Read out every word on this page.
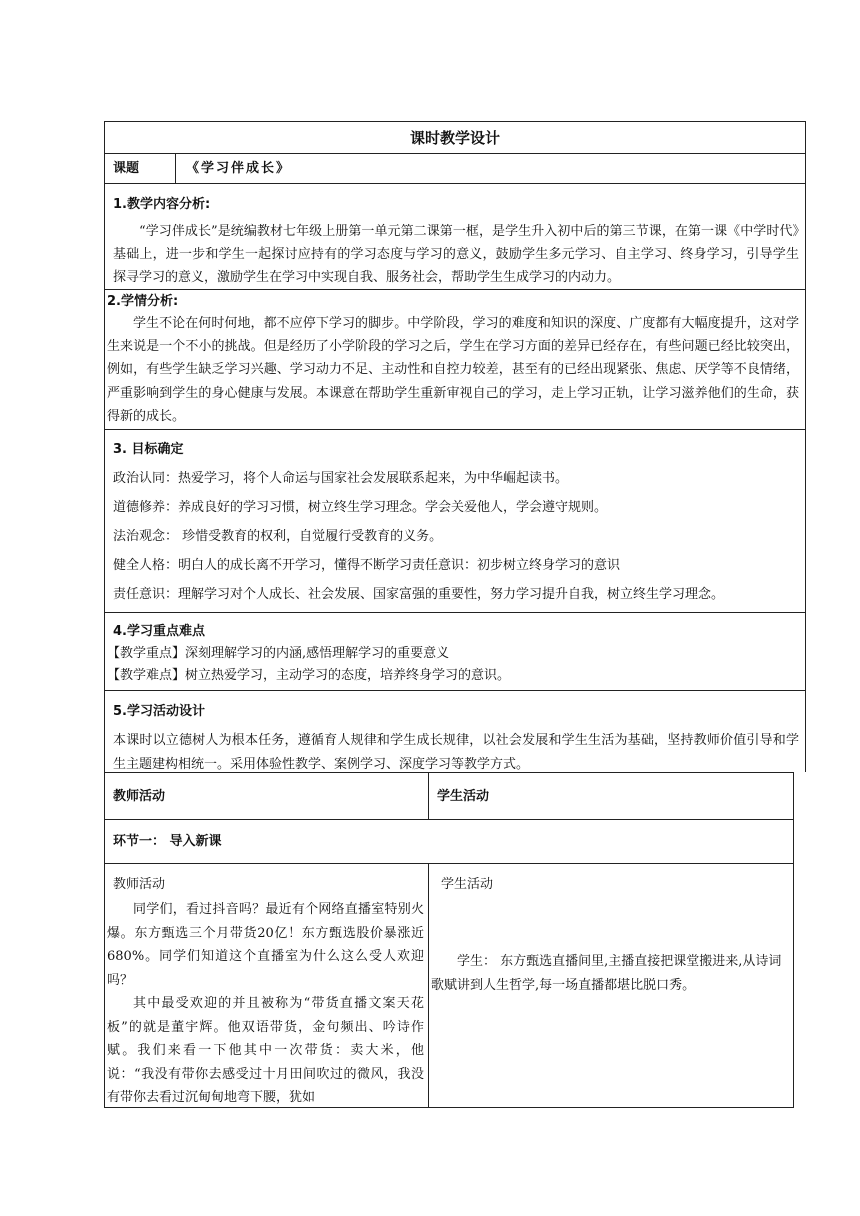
课时教学设计
课题	《学习伴成长》
1.教学内容分析:
“学习伴成长”是统编教材七年级上册第一单元第二课第一框，是学生升入初中后的第三节课，在第一课《中学时代》基础上，进一步和学生一起探讨应持有的学习态度与学习的意义，鼓励学生多元学习、自主学习、终身学习，引导学生探寻学习的意义，激励学生在学习中实现自我、服务社会，帮助学生生成学习的内动力。
2.学情分析:
学生不论在何时何地，都不应停下学习的脚步。中学阶段，学习的难度和知识的深度、广度都有大幅度提升，这对学生来说是一个不小的挑战。但是经历了小学阶段的学习之后，学生在学习方面的差异已经存在，有些问题已经比较突出，例如，有些学生缺乏学习兴趣、学习动力不足、主动性和自控力较差，甚至有的已经出现紧张、焦虑、厌学等不良情绪，严重影响到学生的身心健康与发展。本课意在帮助学生重新审视自己的学习，走上学习正轨，让学习滋养他们的生命，获得新的成长。
3. 目标确定
政治认同：热爱学习，将个人命运与国家社会发展联系起来，为中华崛起读书。
道德修养：养成良好的学习习惯，树立终生学习理念。学会关爱他人，学会遵守规则。
法治观念： 珍惜受教育的权利，自觉履行受教育的义务。
健全人格：明白人的成长离不开学习，懂得不断学习责任意识：初步树立终身学习的意识
责任意识：理解学习对个人成长、社会发展、国家富强的重要性，努力学习提升自我，树立终生学习理念。
4.学习重点难点
【教学重点】深刻理解学习的内涵,感悟理解学习的重要意义
【教学难点】树立热爱学习，主动学习的态度，培养终身学习的意识。
5.学习活动设计
本课时以立德树人为根本任务，遵循育人规律和学生成长规律，以社会发展和学生生活为基础，坚持教师价值引导和学生主题建构相统一。采用体验性教学、案例学习、深度学习等教学方式。
教师活动	学生活动
环节一： 导入新课
教师活动
同学们，看过抖音吗？最近有个网络直播室特别火爆。东方甄选三个月带货20亿！东方甄选股价暴涨近680%。同学们知道这个直播室为什么这么受人欢迎吗？
其中最受欢迎的并且被称为“带货直播文案天花板”的就是董宇辉。他双语带货，金句频出、吟诗作赋。我们来看一下他其中一次带货：卖大米，他说：“我没有带你去感受过十月田间吹过的微风，我没有带你去看过沉甸甸地弯下腰，犹如
学生活动
学生： 东方甄选直播间里,主播直接把课堂搬进来,从诗词歌赋讲到人生哲学,每一场直播都堪比脱口秀。
